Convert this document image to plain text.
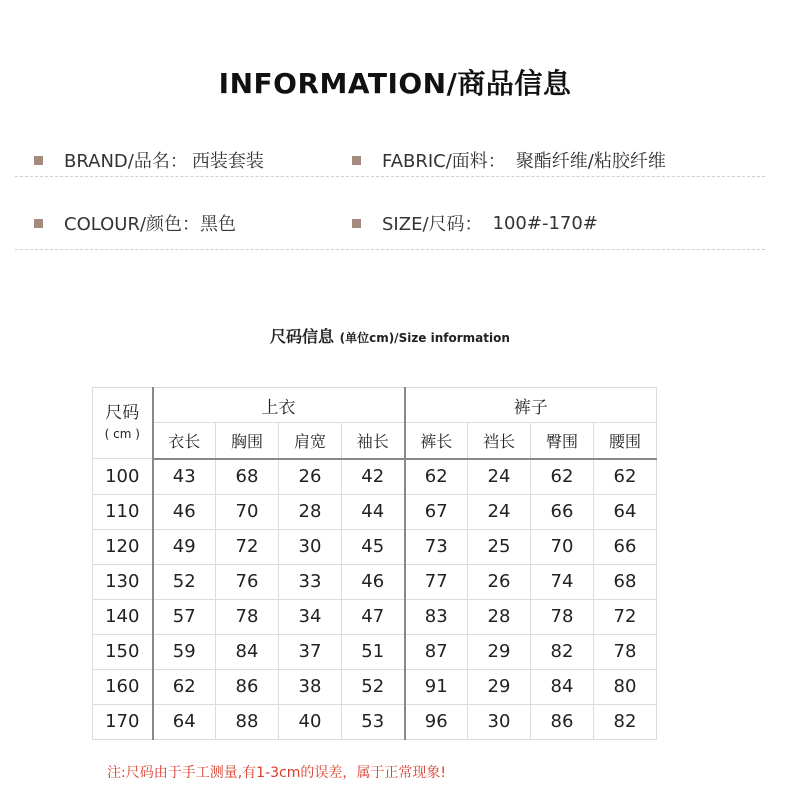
INFORMATION/商品信息
BRAND/品名： 西装套装	FABRIC/面料： 聚酯纤维/粘胶纤维
COLOUR/颜色： 黑色	SIZE/尺码： 100#-170#
尺码信息 (单位cm)/Size information
尺码
( cm )	上衣				裤子			
	衣长	胸围	肩宽	袖长	裤长	裆长	臀围	腰围
100	43	68	26	42	62	24	62	62
110	46	70	28	44	67	24	66	64
120	49	72	30	45	73	25	70	66
130	52	76	33	46	77	26	74	68
140	57	78	34	47	83	28	78	72
150	59	84	37	51	87	29	82	78
160	62	86	38	52	91	29	84	80
170	64	88	40	53	96	30	86	82
注:尺码由于手工测量,有1-3cm的误差，属于正常现象!
